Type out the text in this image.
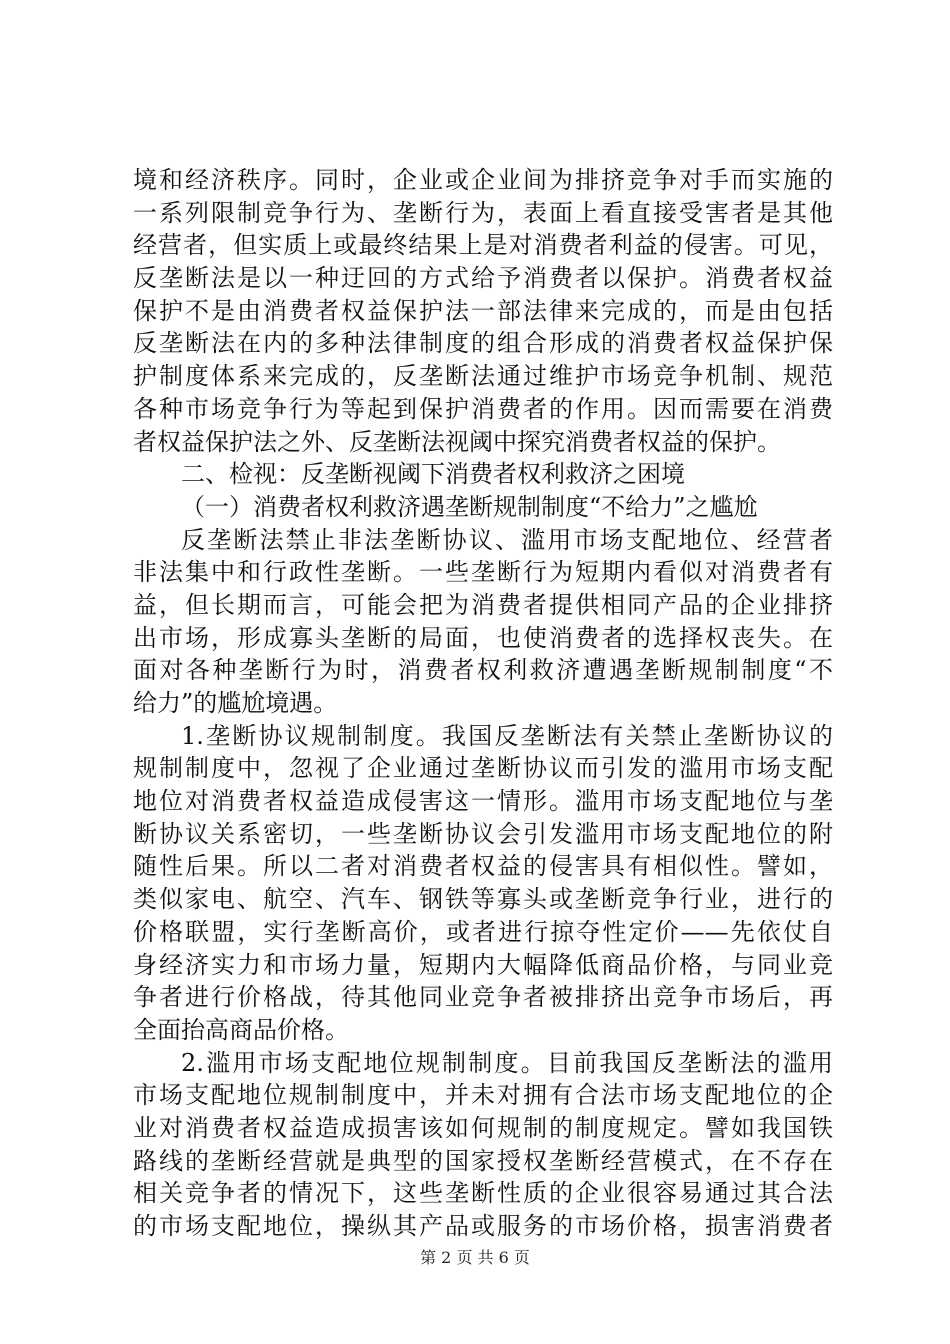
境和经济秩序。同时，企业或企业间为排挤竞争对手而实施的
一系列限制竞争行为、垄断行为，表面上看直接受害者是其他
经营者，但实质上或最终结果上是对消费者利益的侵害。可见，
反垄断法是以一种迂回的方式给予消费者以保护。消费者权益
保护不是由消费者权益保护法一部法律来完成的，而是由包括
反垄断法在内的多种法律制度的组合形成的消费者权益保护保
护制度体系来完成的，反垄断法通过维护市场竞争机制、规范
各种市场竞争行为等起到保护消费者的作用。因而需要在消费
者权益保护法之外、反垄断法视阈中探究消费者权益的保护。
二、检视：反垄断视阈下消费者权利救济之困境
（一）消费者权利救济遇垄断规制制度“不给力”之尴尬
反垄断法禁止非法垄断协议、滥用市场支配地位、经营者
非法集中和行政性垄断。一些垄断行为短期内看似对消费者有
益，但长期而言，可能会把为消费者提供相同产品的企业排挤
出市场，形成寡头垄断的局面，也使消费者的选择权丧失。在
面对各种垄断行为时，消费者权利救济遭遇垄断规制制度“不
给力”的尴尬境遇。
1.垄断协议规制制度。我国反垄断法有关禁止垄断协议的
规制制度中，忽视了企业通过垄断协议而引发的滥用市场支配
地位对消费者权益造成侵害这一情形。滥用市场支配地位与垄
断协议关系密切，一些垄断协议会引发滥用市场支配地位的附
随性后果。所以二者对消费者权益的侵害具有相似性。譬如，
类似家电、航空、汽车、钢铁等寡头或垄断竞争行业，进行的
价格联盟，实行垄断高价，或者进行掠夺性定价——先依仗自
身经济实力和市场力量，短期内大幅降低商品价格，与同业竞
争者进行价格战，待其他同业竞争者被排挤出竞争市场后，再
全面抬高商品价格。
2.滥用市场支配地位规制制度。目前我国反垄断法的滥用
市场支配地位规制制度中，并未对拥有合法市场支配地位的企
业对消费者权益造成损害该如何规制的制度规定。譬如我国铁
路线的垄断经营就是典型的国家授权垄断经营模式，在不存在
相关竞争者的情况下，这些垄断性质的企业很容易通过其合法
的市场支配地位，操纵其产品或服务的市场价格，损害消费者
第 2 页 共 6 页
